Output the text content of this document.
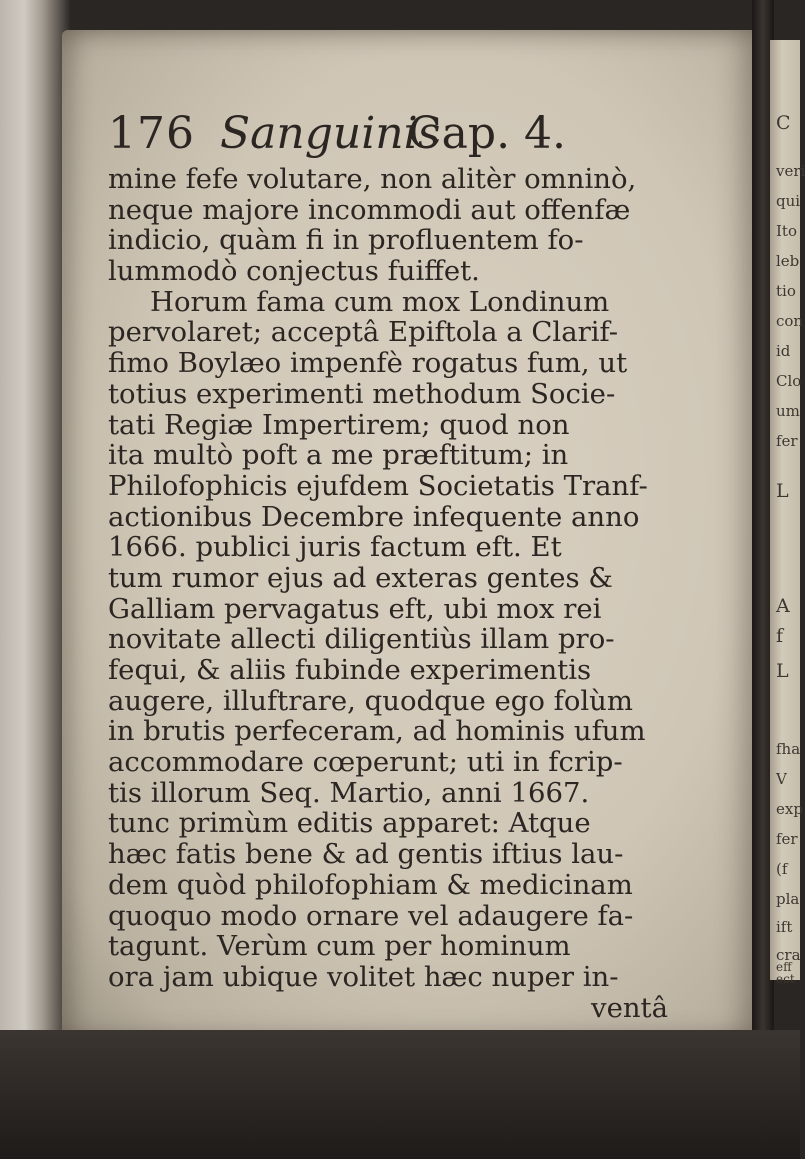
C
veri
qui
Ito
leb
tio
con
id
Clo
um
fer
L
A
f
L
fha
V
exp
fer
(f
pla
ift
cra
eff
ect
176 Sanguinis
Cap. 4.
mine fefe volutare, non alitèr omninò,
neque majore incommodi aut offenfæ
indicio, quàm fi in profluentem fo-
lummodò conjectus fuiffet.
Horum fama cum mox Londinum
pervolaret; acceptâ Epiftola a Clarif-
fimo Boylæo impenfè rogatus fum, ut
totius experimenti methodum Socie-
tati Regiæ Impertirem; quod non
ita multò poft a me præftitum; in
Philofophicis ejufdem Societatis Tranf-
actionibus Decembre infequente anno
1666. publici juris factum eft. Et
tum rumor ejus ad exteras gentes &
Galliam pervagatus eft, ubi mox rei
novitate allecti diligentiùs illam pro-
fequi, & aliis fubinde experimentis
augere, illuftrare, quodque ego folùm
in brutis perfeceram, ad hominis ufum
accommodare cœperunt; uti in fcrip-
tis illorum Seq. Martio, anni 1667.
tunc primùm editis apparet: Atque
hæc fatis bene & ad gentis iftius lau-
dem quòd philofophiam & medicinam
quoquo modo ornare vel adaugere fa-
tagunt. Verùm cum per hominum
ora jam ubique volitet hæc nuper in-
ventâ
